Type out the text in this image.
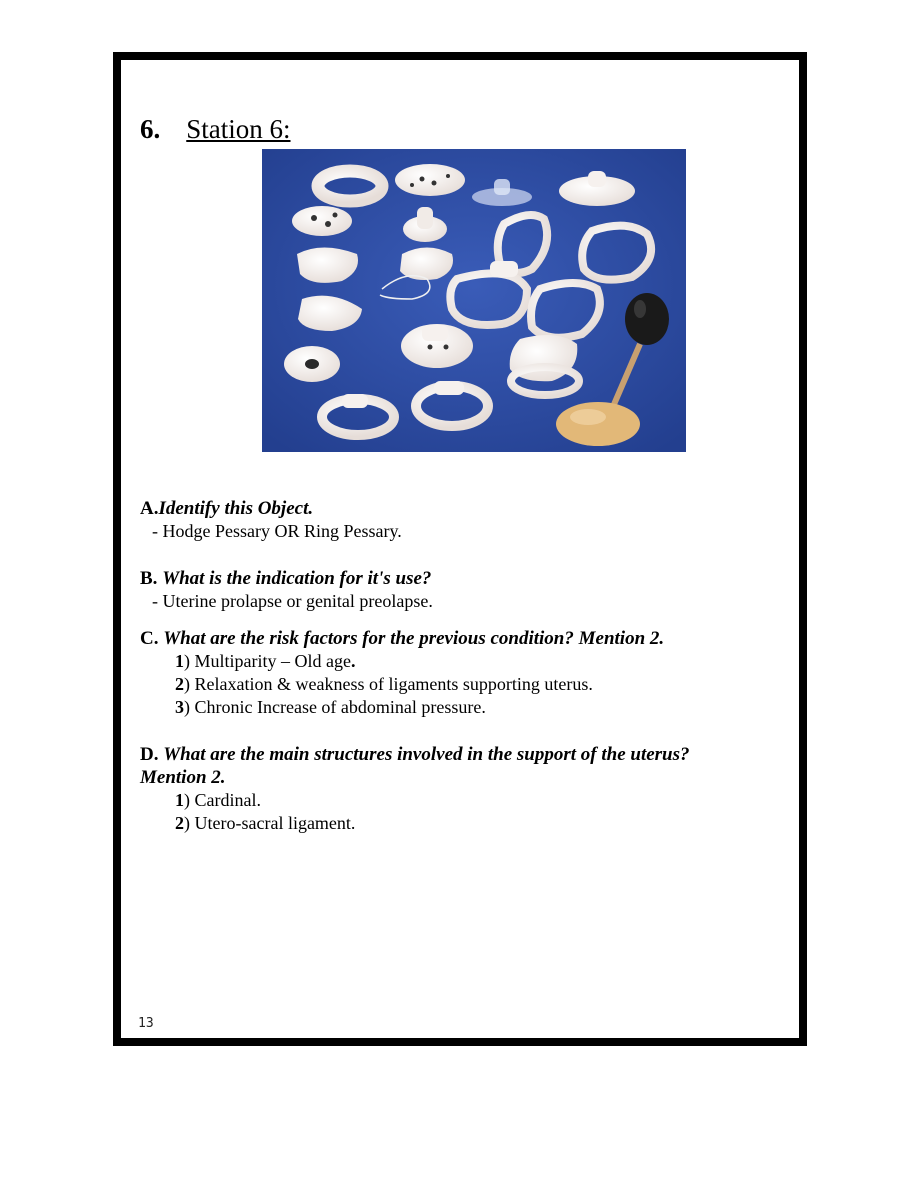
6. Station 6:
A.Identify this Object.
- Hodge Pessary OR Ring Pessary.
B. What is the indication for it's use?
- Uterine prolapse or genital preolapse.
C. What are the risk factors for the previous condition? Mention 2.
1) Multiparity – Old age.
2) Relaxation & weakness of ligaments supporting uterus.
3) Chronic Increase of abdominal pressure.
D. What are the main structures involved in the support of the uterus?
Mention 2.
1) Cardinal.
2) Utero-sacral ligament.
13
